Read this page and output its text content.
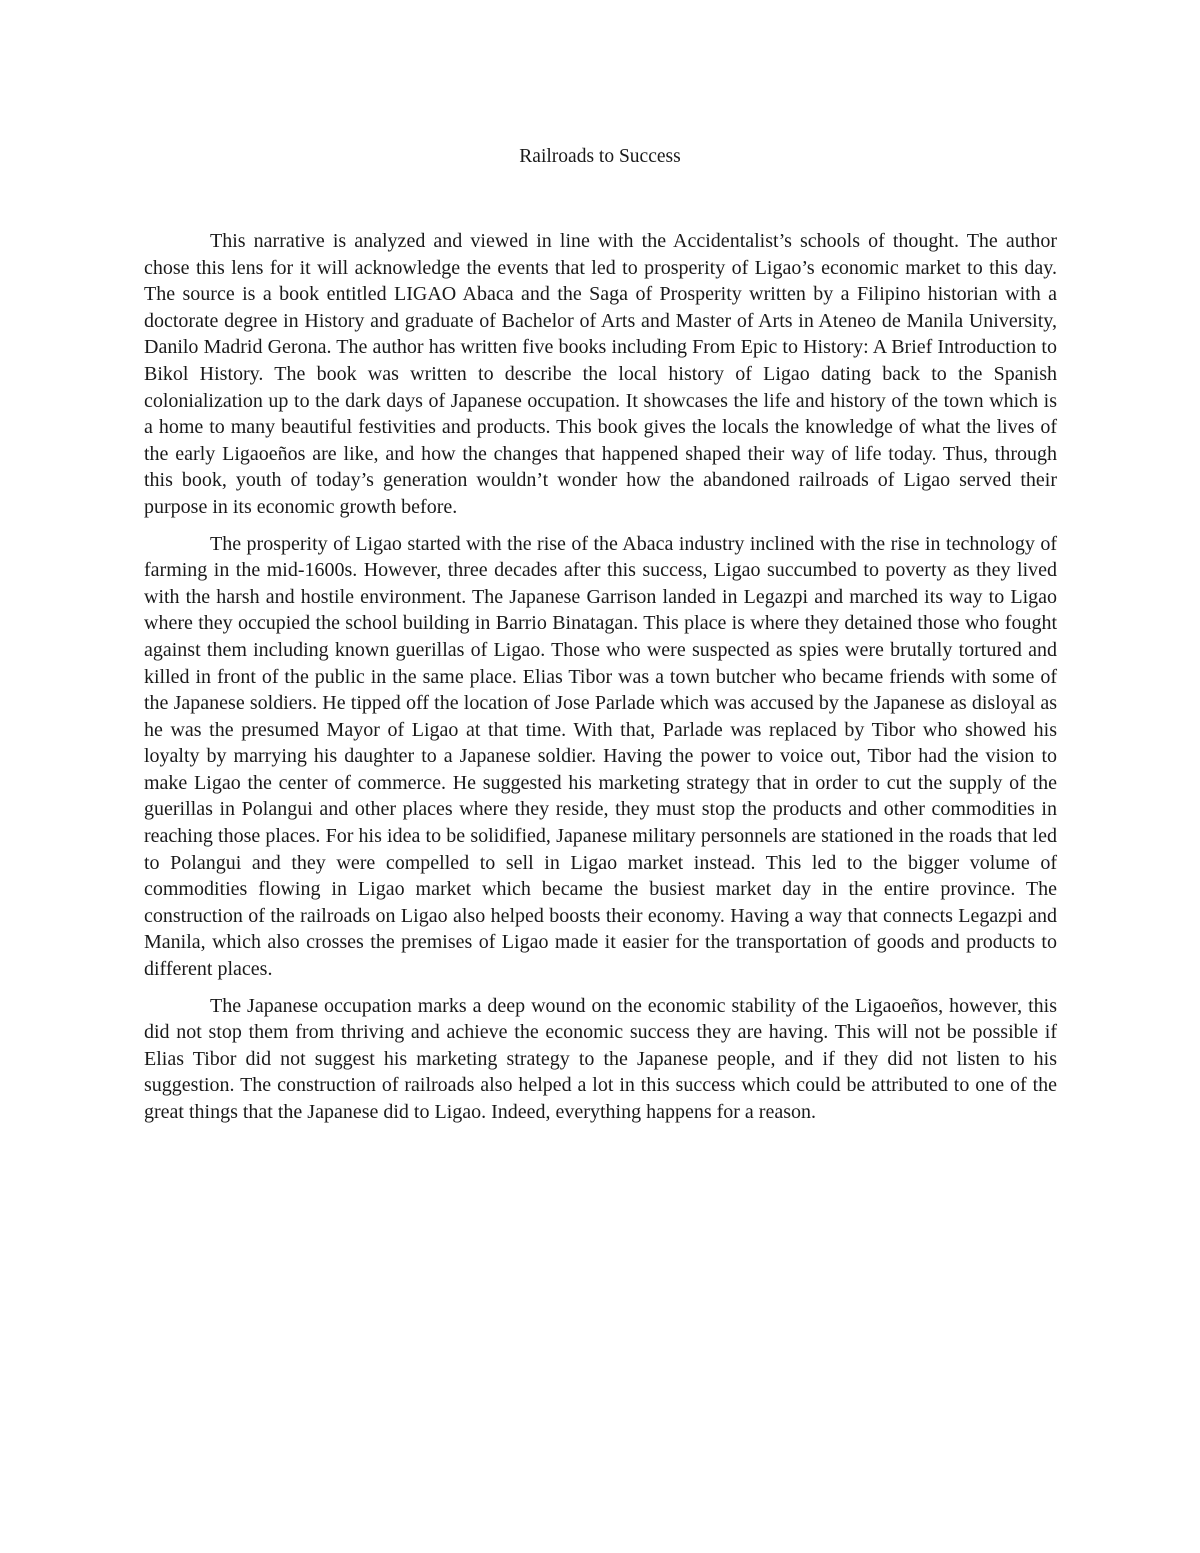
Railroads to Success

This narrative is analyzed and viewed in line with the Accidentalist’s schools of thought. The author chose this lens for it will acknowledge the events that led to prosperity of Ligao’s economic market to this day. The source is a book entitled LIGAO Abaca and the Saga of Prosperity written by a Filipino historian with a doctorate degree in History and graduate of Bachelor of Arts and Master of Arts in Ateneo de Manila University, Danilo Madrid Gerona. The author has written five books including From Epic to History: A Brief Introduction to Bikol History. The book was written to describe the local history of Ligao dating back to the Spanish colonialization up to the dark days of Japanese occupation. It showcases the life and history of the town which is a home to many beautiful festivities and products. This book gives the locals the knowledge of what the lives of the early Ligaoeños are like, and how the changes that happened shaped their way of life today. Thus, through this book, youth of today’s generation wouldn’t wonder how the abandoned railroads of Ligao served their purpose in its economic growth before.

The prosperity of Ligao started with the rise of the Abaca industry inclined with the rise in technology of farming in the mid-1600s. However, three decades after this success, Ligao succumbed to poverty as they lived with the harsh and hostile environment. The Japanese Garrison landed in Legazpi and marched its way to Ligao where they occupied the school building in Barrio Binatagan. This place is where they detained those who fought against them including known guerillas of Ligao. Those who were suspected as spies were brutally tortured and killed in front of the public in the same place. Elias Tibor was a town butcher who became friends with some of the Japanese soldiers. He tipped off the location of Jose Parlade which was accused by the Japanese as disloyal as he was the presumed Mayor of Ligao at that time. With that, Parlade was replaced by Tibor who showed his loyalty by marrying his daughter to a Japanese soldier. Having the power to voice out, Tibor had the vision to make Ligao the center of commerce. He suggested his marketing strategy that in order to cut the supply of the guerillas in Polangui and other places where they reside, they must stop the products and other commodities in reaching those places. For his idea to be solidified, Japanese military personnels are stationed in the roads that led to Polangui and they were compelled to sell in Ligao market instead. This led to the bigger volume of commodities flowing in Ligao market which became the busiest market day in the entire province. The construction of the railroads on Ligao also helped boosts their economy. Having a way that connects Legazpi and Manila, which also crosses the premises of Ligao made it easier for the transportation of goods and products to different places.

The Japanese occupation marks a deep wound on the economic stability of the Ligaoeños, however, this did not stop them from thriving and achieve the economic success they are having. This will not be possible if Elias Tibor did not suggest his marketing strategy to the Japanese people, and if they did not listen to his suggestion. The construction of railroads also helped a lot in this success which could be attributed to one of the great things that the Japanese did to Ligao. Indeed, everything happens for a reason.
